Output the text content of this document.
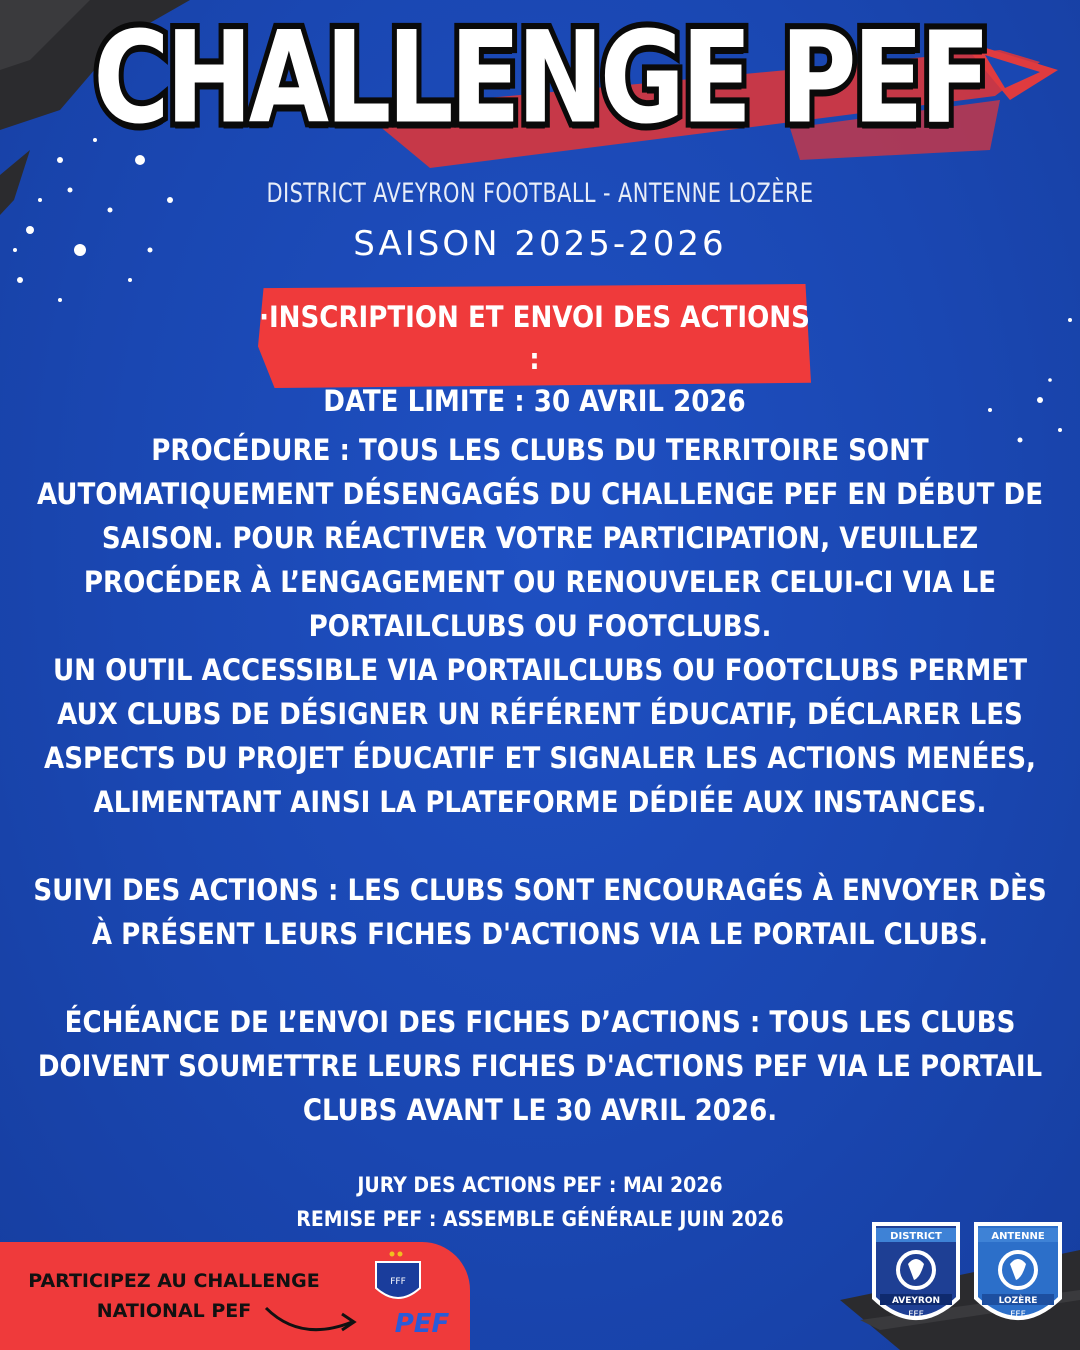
CHALLENGE PEF
DISTRICT AVEYRON FOOTBALL - ANTENNE LOZÈRE
SAISON 2025-2026
·INSCRIPTION ET ENVOI DES ACTIONS :
DATE LIMITE : 30 AVRIL 2026
PROCÉDURE : TOUS LES CLUBS DU TERRITOIRE SONT AUTOMATIQUEMENT DÉSENGAGÉS DU CHALLENGE PEF EN DÉBUT DE SAISON. POUR RÉACTIVER VOTRE PARTICIPATION, VEUILLEZ PROCÉDER À L’ENGAGEMENT OU RENOUVELER CELUI-CI VIA LE PORTAILCLUBS OU FOOTCLUBS.
UN OUTIL ACCESSIBLE VIA PORTAILCLUBS OU FOOTCLUBS PERMET AUX CLUBS DE DÉSIGNER UN RÉFÉRENT ÉDUCATIF, DÉCLARER LES ASPECTS DU PROJET ÉDUCATIF ET SIGNALER LES ACTIONS MENÉES, ALIMENTANT AINSI LA PLATEFORME DÉDIÉE AUX INSTANCES.
SUIVI DES ACTIONS : LES CLUBS SONT ENCOURAGÉS À ENVOYER DÈS À PRÉSENT LEURS FICHES D'ACTIONS VIA LE PORTAIL CLUBS.
ÉCHÉANCE DE L’ENVOI DES FICHES D’ACTIONS : TOUS LES CLUBS DOIVENT SOUMETTRE LEURS FICHES D'ACTIONS PEF VIA LE PORTAIL CLUBS AVANT LE 30 AVRIL 2026.
JURY DES ACTIONS PEF : MAI 2026
REMISE PEF : ASSEMBLE GÉNÉRALE JUIN 2026
PARTICIPEZ AU CHALLENGE
NATIONAL PEF
FFF
PEF
DISTRICT
AVEYRON
FFF
ANTENNE
LOZÈRE
FFF
